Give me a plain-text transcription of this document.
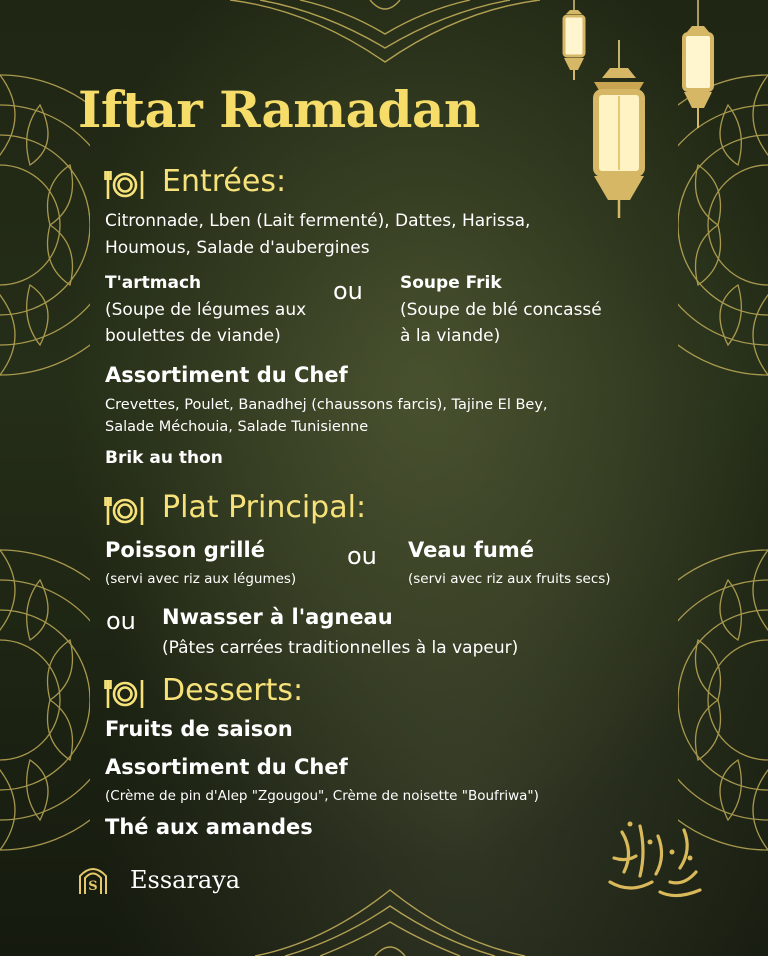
Iftar Ramadan
Entrées:
Citronnade, Lben (Lait fermenté), Dattes, Harissa,
Houmous, Salade d'aubergines
T'artmach
(Soupe de légumes aux
boulettes de viande)
ou Soupe Frik
(Soupe de blé concassé
à la viande)
Assortiment du Chef
Crevettes, Poulet, Banadhej (chaussons farcis), Tajine El Bey,
Salade Méchouia, Salade Tunisienne
Brik au thon
Plat Principal:
Poisson grillé
(servi avec riz aux légumes)
ou Veau fumé
(servi avec riz aux fruits secs)
ou Nwasser à l'agneau
(Pâtes carrées traditionnelles à la vapeur)
Desserts:
Fruits de saison
Assortiment du Chef
(Crème de pin d'Alep "Zgougou", Crème de noisette "Boufriwa")
Thé aux amandes
S Essaraya
